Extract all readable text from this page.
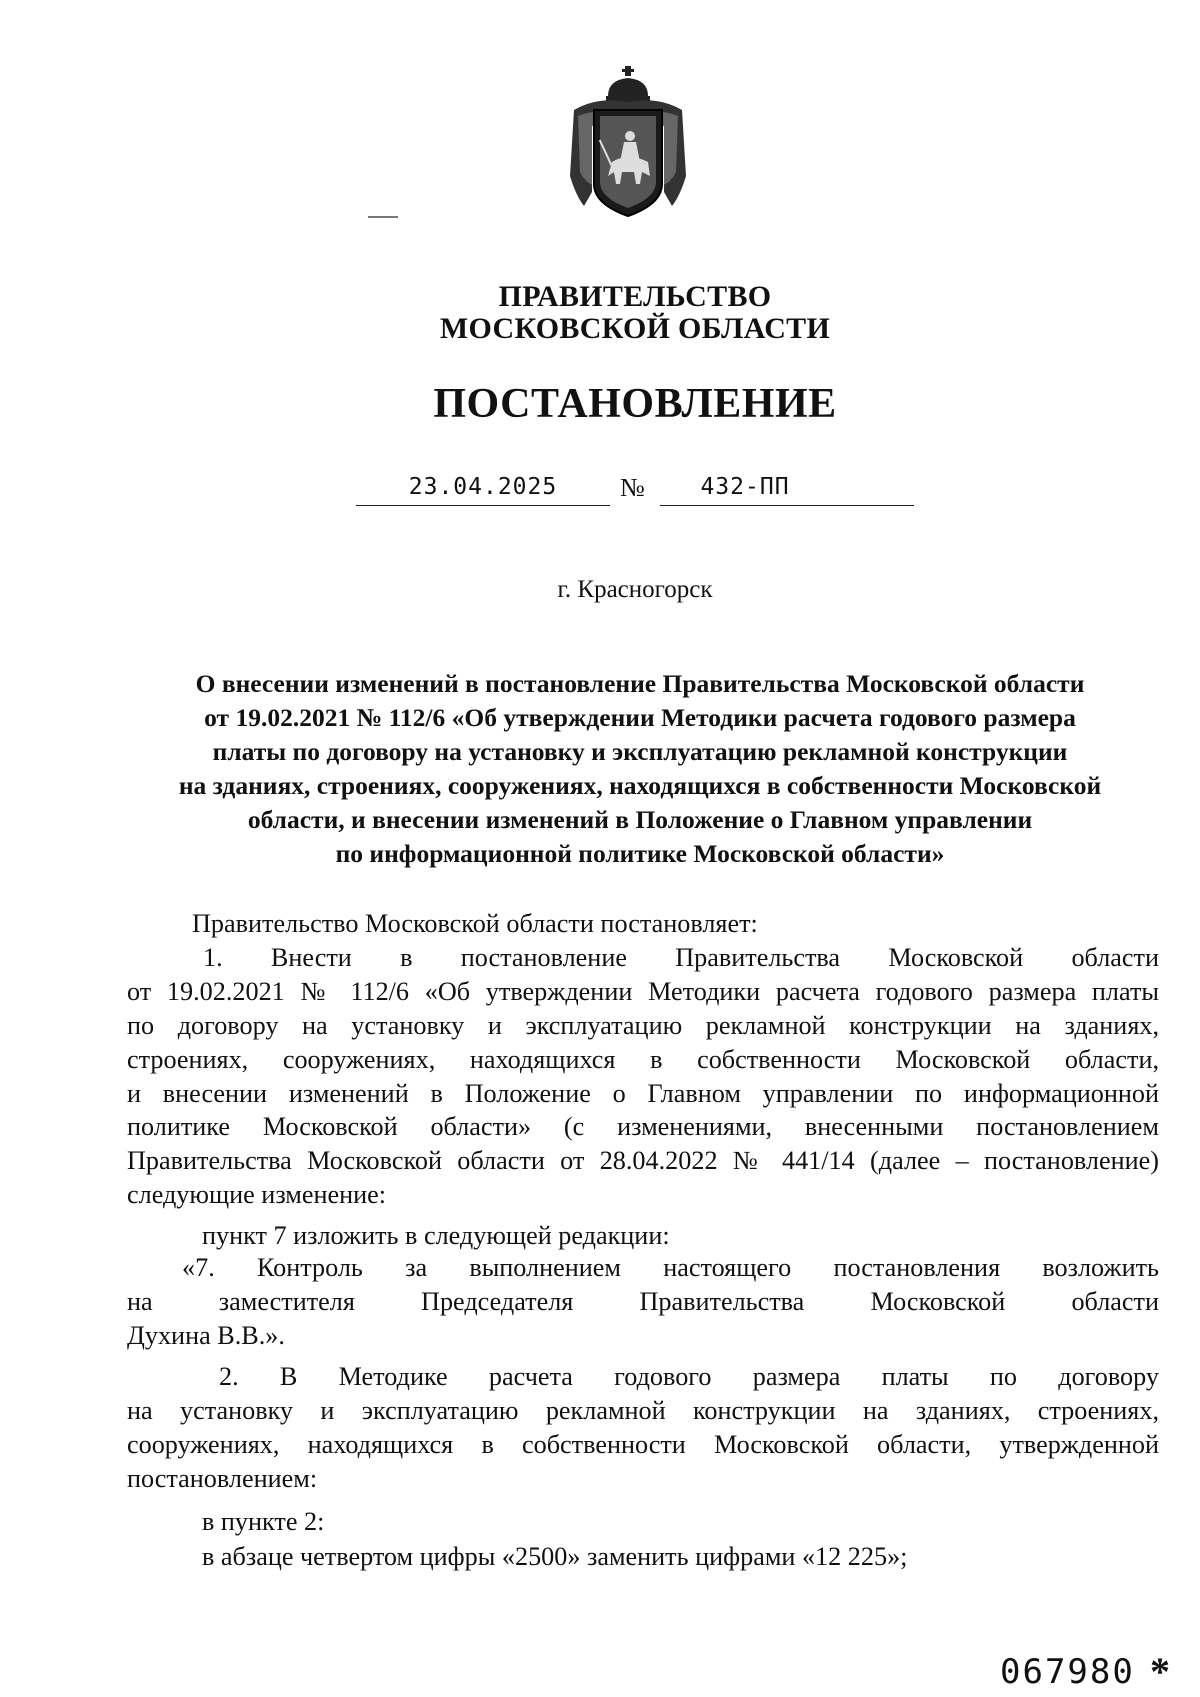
ПРАВИТЕЛЬСТВО
МОСКОВСКОЙ ОБЛАСТИ
ПОСТАНОВЛЕНИЕ
23.04.2025	№	432-ПП
г. Красногорск
О внесении изменений в постановление Правительства Московской области
от 19.02.2021 № 112/6 «Об утверждении Методики расчета годового размера
платы по договору на установку и эксплуатацию рекламной конструкции
на зданиях, строениях, сооружениях, находящихся в собственности Московской
области, и внесении изменений в Положение о Главном управлении
по информационной политике Московской области»
Правительство Московской области постановляет:
1. Внести в постановление Правительства Московской области
от 19.02.2021 № 112/6 «Об утверждении Методики расчета годового размера платы
по договору на установку и эксплуатацию рекламной конструкции на зданиях,
строениях, сооружениях, находящихся в собственности Московской области,
и внесении изменений в Положение о Главном управлении по информационной
политике Московской области» (с изменениями, внесенными постановлением
Правительства Московской области от 28.04.2022 № 441/14 (далее – постановление)
следующие изменение:
пункт 7 изложить в следующей редакции:
«7. Контроль за выполнением настоящего постановления возложить
на заместителя Председателя Правительства Московской области
Духина В.В.».
2. В Методике расчета годового размера платы по договору
на установку и эксплуатацию рекламной конструкции на зданиях, строениях,
сооружениях, находящихся в собственности Московской области, утвержденной
постановлением:
в пункте 2:
в абзаце четвертом цифры «2500» заменить цифрами «12 225»;
067980 *
